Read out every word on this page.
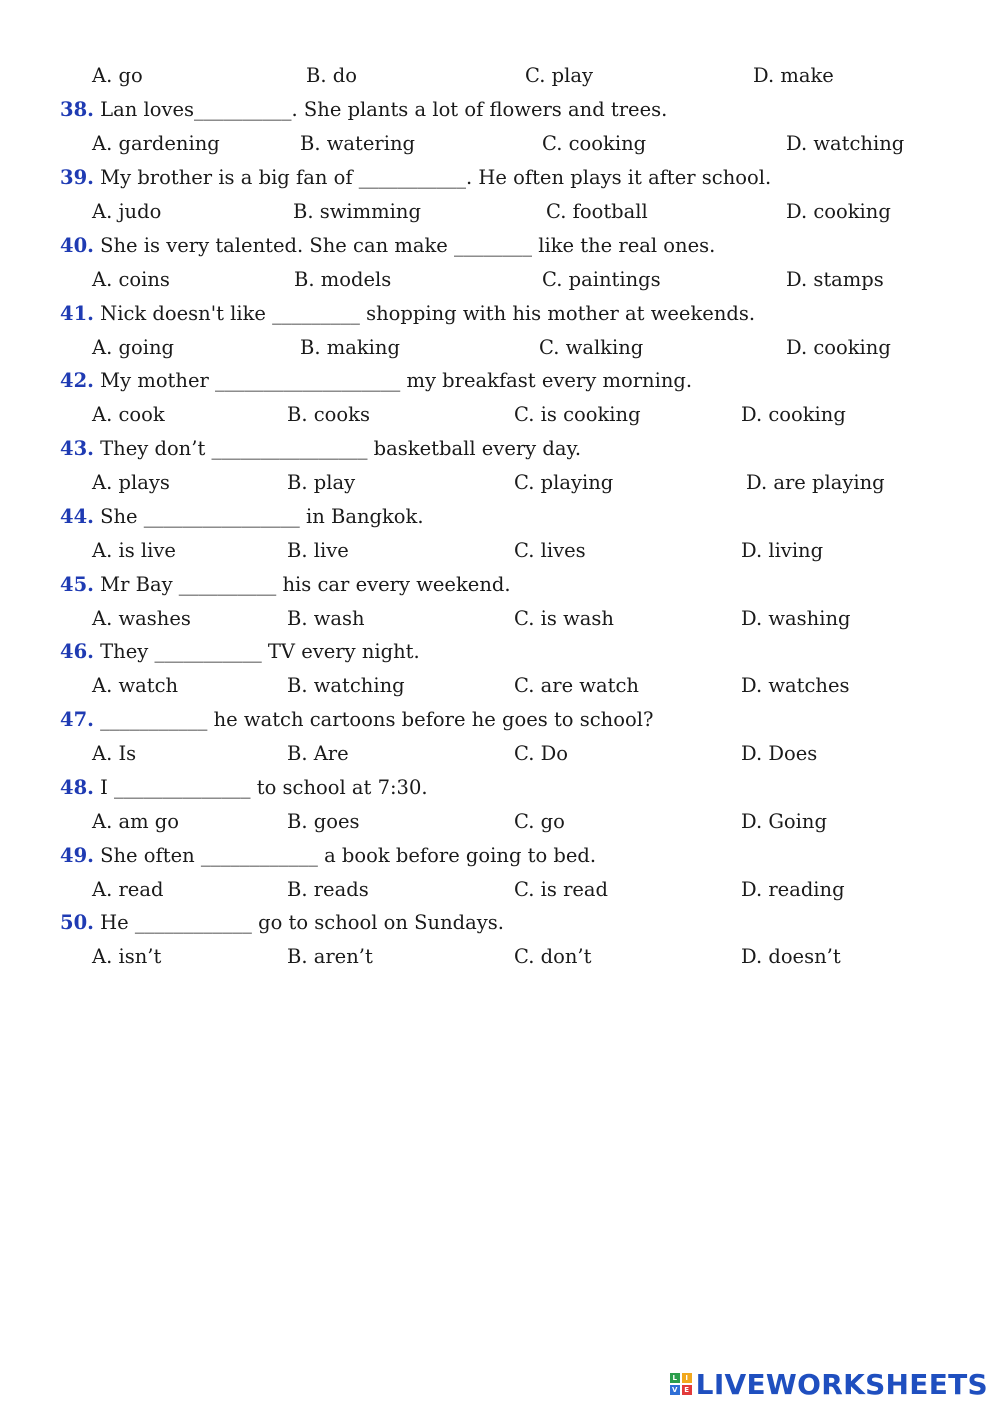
A. go	B. do	C. play	D. make
38. Lan loves__________. She plants a lot of flowers and trees.
A. gardening	B. watering	C. cooking	D. watching
39. My brother is a big fan of ___________. He often plays it after school.
A. judo	B. swimming	C. football	D. cooking
40. She is very talented. She can make ________ like the real ones.
A. coins	B. models	C. paintings	D. stamps
41. Nick doesn't like _________ shopping with his mother at weekends.
A. going	B. making	C. walking	D. cooking
42. My mother ___________________ my breakfast every morning.
A. cook	B. cooks	C. is cooking	D. cooking
43. They don’t ________________ basketball every day.
A. plays	B. play	C. playing	D. are playing
44. She ________________ in Bangkok.
A. is live	B. live	C. lives	D. living
45. Mr Bay __________ his car every weekend.
A. washes	B. wash	C. is wash	D. washing
46. They ___________ TV every night.
A. watch	B. watching	C. are watch	D. watches
47. ___________ he watch cartoons before he goes to school?
A. Is	B. Are	C. Do	D. Does
48. I ______________ to school at 7:30.
A. am go	B. goes	C. go	D. Going
49. She often ____________ a book before going to bed.
A. read	B. reads	C. is read	D. reading
50. He ____________ go to school on Sundays.
A. isn’t	B. aren’t	C. don’t	D. doesn’t
L	I
V E LIVEWORKSHEETS
